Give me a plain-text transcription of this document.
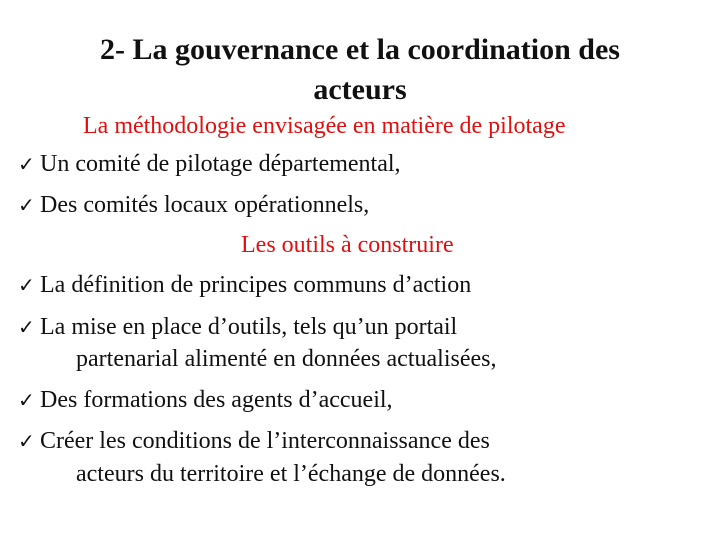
2- La gouvernance et la coordination des
acteurs
La méthodologie envisagée en matière de pilotage
✓ Un comité de pilotage départemental,
✓ Des comités locaux opérationnels,
Les outils à construire
✓ La définition de principes communs d’action
✓ La mise en place d’outils, tels qu’un portail
partenarial alimenté en données actualisées,
✓ Des formations des agents d’accueil,
✓ Créer les conditions de l’interconnaissance des
acteurs du territoire et l’échange de données.
